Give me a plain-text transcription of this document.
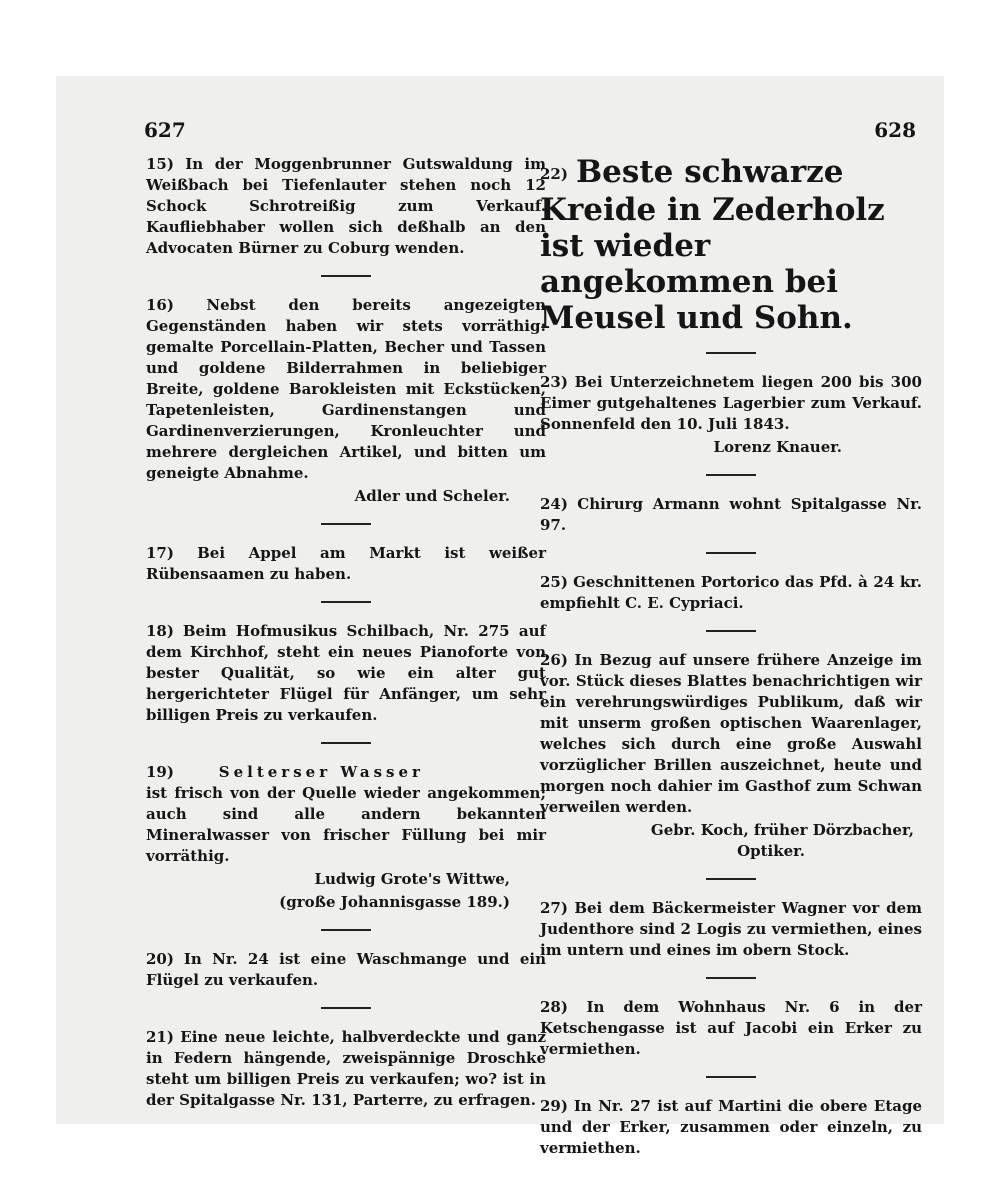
627	628

15) In der Moggenbrunner Gutswaldung im Weißbach bei Tiefenlauter stehen noch 12 Schock Schrotreißig zum Verkauf. Kaufliebhaber wollen sich deßhalb an den Advocaten Bürner zu Coburg wenden.

16) Nebst den bereits angezeigten Gegenständen haben wir stets vorräthig: gemalte Porcellain-Platten, Becher und Tassen und goldene Bilderrahmen in beliebiger Breite, goldene Barokleisten mit Eckstücken, Tapetenleisten, Gardinenstangen und Gardinenverzierungen, Kronleuchter und mehrere dergleichen Artikel, und bitten um geneigte Abnahme.

Adler und Scheler.

17) Bei Appel am Markt ist weißer Rübensaamen zu haben.

18) Beim Hofmusikus Schilbach, Nr. 275 auf dem Kirchhof, steht ein neues Pianoforte von bester Qualität, so wie ein alter gut hergerichteter Flügel für Anfänger, um sehr billigen Preis zu verkaufen.

19)	Selterser Wasser
ist frisch von der Quelle wieder angekommen; auch sind alle andern bekannten Mineralwasser von frischer Füllung bei mir vorräthig.

Ludwig Grote's Wittwe,

(große Johannisgasse 189.)

20) In Nr. 24 ist eine Waschmange und ein Flügel zu verkaufen.

21) Eine neue leichte, halbverdeckte und ganz in Federn hängende, zweispännige Droschke steht um billigen Preis zu verkaufen; wo? ist in der Spitalgasse Nr. 131, Parterre, zu erfragen.

22) Beste schwarze Kreide in Zederholz ist wieder angekommen bei Meusel und Sohn.

23) Bei Unterzeichnetem liegen 200 bis 300 Eimer gutgehaltenes Lagerbier zum Verkauf. Sonnenfeld den 10. Juli 1843.

Lorenz Knauer.

24) Chirurg Armann wohnt Spitalgasse Nr. 97.

25) Geschnittenen Portorico das Pfd. à 24 kr. empfiehlt C. E. Cypriaci.

26) In Bezug auf unsere frühere Anzeige im vor. Stück dieses Blattes benachrichtigen wir ein verehrungswürdiges Publikum, daß wir mit unserm großen optischen Waarenlager, welches sich durch eine große Auswahl vorzüglicher Brillen auszeichnet, heute und morgen noch dahier im Gasthof zum Schwan verweilen werden.

Gebr. Koch, früher Dörzbacher,

Optiker.

27) Bei dem Bäckermeister Wagner vor dem Judenthore sind 2 Logis zu vermiethen, eines im untern und eines im obern Stock.

28) In dem Wohnhaus Nr. 6 in der Ketschengasse ist auf Jacobi ein Erker zu vermiethen.

29) In Nr. 27 ist auf Martini die obere Etage und der Erker, zusammen oder einzeln, zu vermiethen.
